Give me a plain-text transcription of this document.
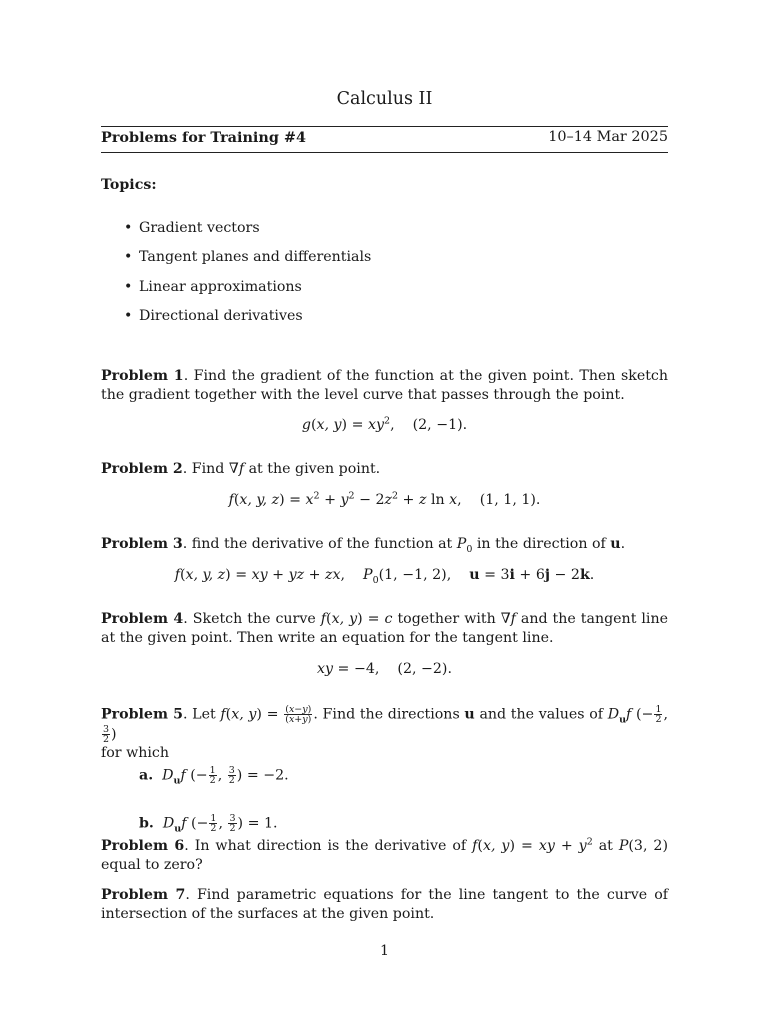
Calculus II
Problems for Training #4	10–14 Mar 2025
Topics:
• Gradient vectors
• Tangent planes and differentials
• Linear approximations
• Directional derivatives
Problem 1. Find the gradient of the function at the given point. Then sketch the gradient together with the level curve that passes through the point.
g(x, $y) = xy^2$,    (2, −1).
Problem 2. Find ∇f at the given point.
f(x, y, $z) = x^2 + y^2 - 2z^2 + z$ ln x,    (1, 1, 1).
Problem 3. find the derivative of the function at $P_0$ in the direction of u.
f(x, y, z) = xy + yz + zx,    $P_0(1$, −1, 2),    u = 3i + 6j − 2k.
Problem 4. Sketch the curve f(x, y) = c together with ∇f and the tangent line at the given point. Then write an equation for the tangent line.
xy = −4,    (2, −2).
Problem 5. Let f(x, $y) = \frac{(x-y)}{(x+y)}$ . Find the directions u and the values of $D_uf$ (− $\frac{1}{2}$ ,
$\frac{3}{2}$ )
for which
a. $D_uf$ (− $\frac{1}{2}$ , $\frac{3}{2}$ ) = −2.
b. $D_uf$ (− $\frac{1}{2}$ , $\frac{3}{2}$ ) = 1.
Problem 6. In what direction is the derivative of f(x, y) = xy + $y^2$ at P(3, 2) equal to zero?
Problem 7. Find parametric equations for the line tangent to the curve of intersection of the surfaces at the given point.
1
